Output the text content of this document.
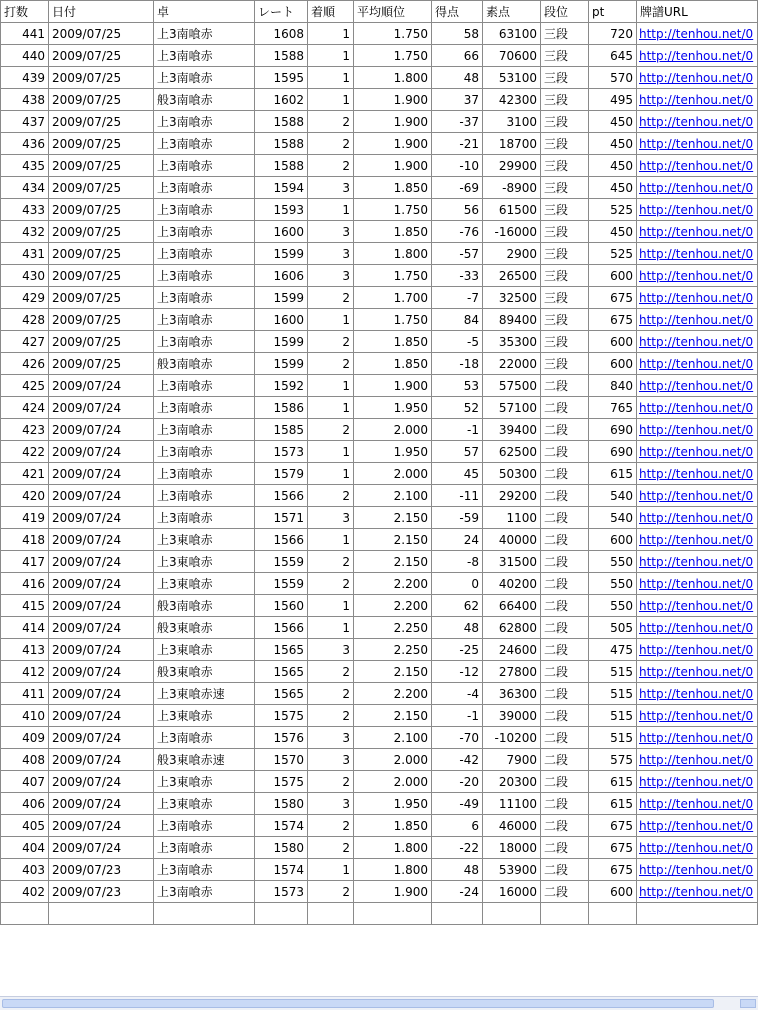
打数	日付	卓	レート	着順	平均順位	得点	素点	段位	pt	牌譜URL
441	2009/07/25	上3南喰赤	1608	1	1.750	58	63100	三段	720	http://tenhou.net/0
440	2009/07/25	上3南喰赤	1588	1	1.750	66	70600	三段	645	http://tenhou.net/0
439	2009/07/25	上3南喰赤	1595	1	1.800	48	53100	三段	570	http://tenhou.net/0
438	2009/07/25	般3南喰赤	1602	1	1.900	37	42300	三段	495	http://tenhou.net/0
437	2009/07/25	上3南喰赤	1588	2	1.900	-37	3100	三段	450	http://tenhou.net/0
436	2009/07/25	上3南喰赤	1588	2	1.900	-21	18700	三段	450	http://tenhou.net/0
435	2009/07/25	上3南喰赤	1588	2	1.900	-10	29900	三段	450	http://tenhou.net/0
434	2009/07/25	上3南喰赤	1594	3	1.850	-69	-8900	三段	450	http://tenhou.net/0
433	2009/07/25	上3南喰赤	1593	1	1.750	56	61500	三段	525	http://tenhou.net/0
432	2009/07/25	上3南喰赤	1600	3	1.850	-76	-16000	三段	450	http://tenhou.net/0
431	2009/07/25	上3南喰赤	1599	3	1.800	-57	2900	三段	525	http://tenhou.net/0
430	2009/07/25	上3南喰赤	1606	3	1.750	-33	26500	三段	600	http://tenhou.net/0
429	2009/07/25	上3南喰赤	1599	2	1.700	-7	32500	三段	675	http://tenhou.net/0
428	2009/07/25	上3南喰赤	1600	1	1.750	84	89400	三段	675	http://tenhou.net/0
427	2009/07/25	上3南喰赤	1599	2	1.850	-5	35300	三段	600	http://tenhou.net/0
426	2009/07/25	般3南喰赤	1599	2	1.850	-18	22000	三段	600	http://tenhou.net/0
425	2009/07/24	上3南喰赤	1592	1	1.900	53	57500	二段	840	http://tenhou.net/0
424	2009/07/24	上3南喰赤	1586	1	1.950	52	57100	二段	765	http://tenhou.net/0
423	2009/07/24	上3南喰赤	1585	2	2.000	-1	39400	二段	690	http://tenhou.net/0
422	2009/07/24	上3南喰赤	1573	1	1.950	57	62500	二段	690	http://tenhou.net/0
421	2009/07/24	上3南喰赤	1579	1	2.000	45	50300	二段	615	http://tenhou.net/0
420	2009/07/24	上3南喰赤	1566	2	2.100	-11	29200	二段	540	http://tenhou.net/0
419	2009/07/24	上3南喰赤	1571	3	2.150	-59	1100	二段	540	http://tenhou.net/0
418	2009/07/24	上3東喰赤	1566	1	2.150	24	40000	二段	600	http://tenhou.net/0
417	2009/07/24	上3東喰赤	1559	2	2.150	-8	31500	二段	550	http://tenhou.net/0
416	2009/07/24	上3東喰赤	1559	2	2.200	0	40200	二段	550	http://tenhou.net/0
415	2009/07/24	般3南喰赤	1560	1	2.200	62	66400	二段	550	http://tenhou.net/0
414	2009/07/24	般3東喰赤	1566	1	2.250	48	62800	二段	505	http://tenhou.net/0
413	2009/07/24	上3東喰赤	1565	3	2.250	-25	24600	二段	475	http://tenhou.net/0
412	2009/07/24	般3東喰赤	1565	2	2.150	-12	27800	二段	515	http://tenhou.net/0
411	2009/07/24	上3東喰赤速	1565	2	2.200	-4	36300	二段	515	http://tenhou.net/0
410	2009/07/24	上3東喰赤	1575	2	2.150	-1	39000	二段	515	http://tenhou.net/0
409	2009/07/24	上3南喰赤	1576	3	2.100	-70	-10200	二段	515	http://tenhou.net/0
408	2009/07/24	般3東喰赤速	1570	3	2.000	-42	7900	二段	575	http://tenhou.net/0
407	2009/07/24	上3東喰赤	1575	2	2.000	-20	20300	二段	615	http://tenhou.net/0
406	2009/07/24	上3東喰赤	1580	3	1.950	-49	11100	二段	615	http://tenhou.net/0
405	2009/07/24	上3南喰赤	1574	2	1.850	6	46000	二段	675	http://tenhou.net/0
404	2009/07/24	上3南喰赤	1580	2	1.800	-22	18000	二段	675	http://tenhou.net/0
403	2009/07/23	上3南喰赤	1574	1	1.800	48	53900	二段	675	http://tenhou.net/0
402	2009/07/23	上3南喰赤	1573	2	1.900	-24	16000	二段	600	http://tenhou.net/0
